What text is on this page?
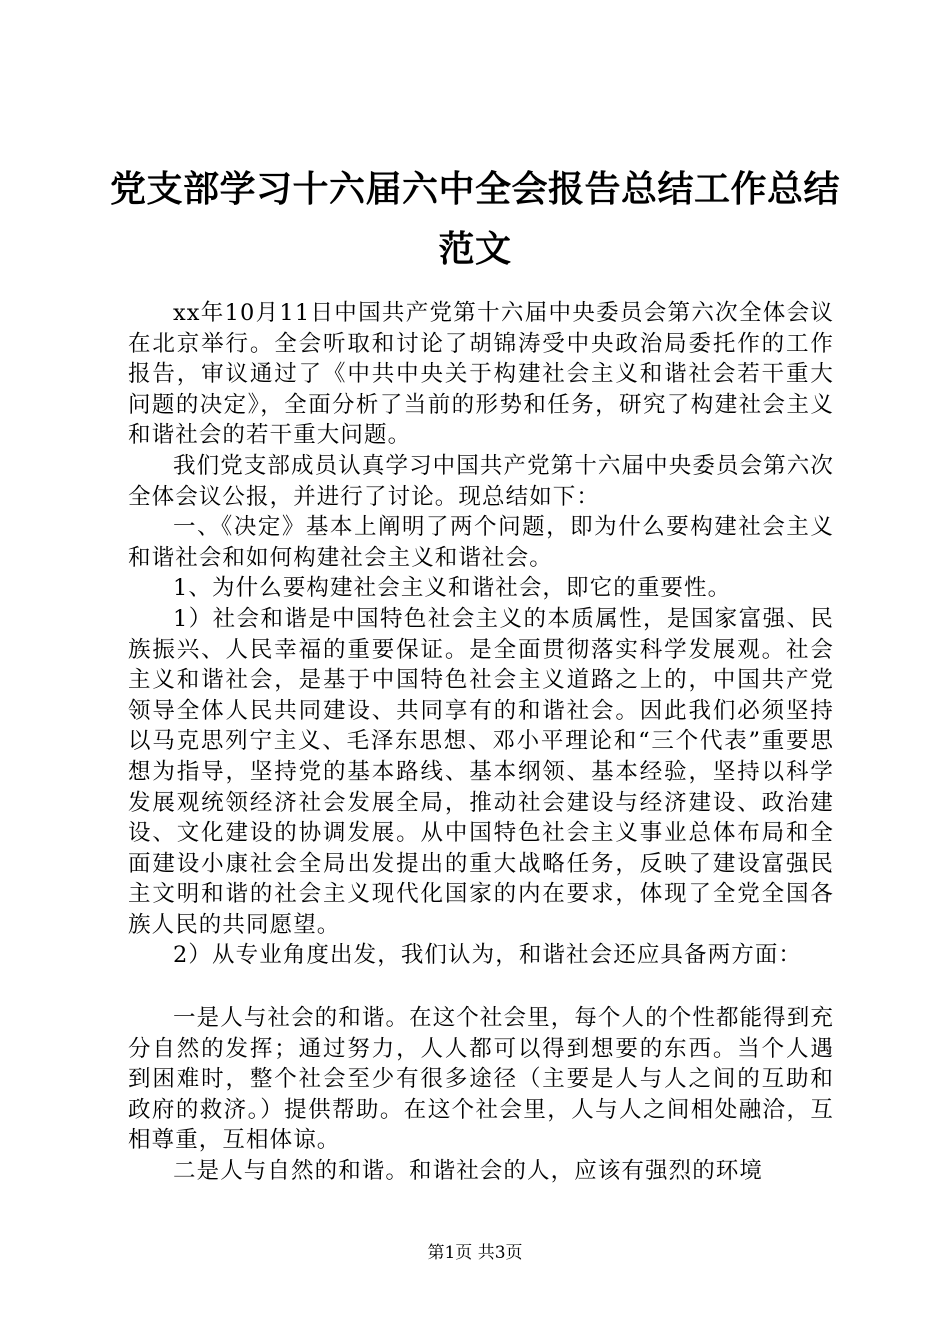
党支部学习十六届六中全会报告总结工作总结范文

xx年10月11日中国共产党第十六届中央委员会第六次全体会议在北京举行。全会听取和讨论了胡锦涛受中央政治局委托作的工作报告，审议通过了《中共中央关于构建社会主义和谐社会若干重大问题的决定》，全面分析了当前的形势和任务，研究了构建社会主义和谐社会的若干重大问题。

我们党支部成员认真学习中国共产党第十六届中央委员会第六次全体会议公报，并进行了讨论。现总结如下：

一、《决定》基本上阐明了两个问题，即为什么要构建社会主义和谐社会和如何构建社会主义和谐社会。

1、为什么要构建社会主义和谐社会，即它的重要性。

1）社会和谐是中国特色社会主义的本质属性，是国家富强、民族振兴、人民幸福的重要保证。是全面贯彻落实科学发展观。社会主义和谐社会，是基于中国特色社会主义道路之上的，中国共产党领导全体人民共同建设、共同享有的和谐社会。因此我们必须坚持以马克思列宁主义、毛泽东思想、邓小平理论和“三个代表”重要思想为指导，坚持党的基本路线、基本纲领、基本经验，坚持以科学发展观统领经济社会发展全局，推动社会建设与经济建设、政治建设、文化建设的协调发展。从中国特色社会主义事业总体布局和全面建设小康社会全局出发提出的重大战略任务，反映了建设富强民主文明和谐的社会主义现代化国家的内在要求，体现了全党全国各族人民的共同愿望。

2）从专业角度出发，我们认为，和谐社会还应具备两方面：

一是人与社会的和谐。在这个社会里，每个人的个性都能得到充分自然的发挥；通过努力，人人都可以得到想要的东西。当个人遇到困难时，整个社会至少有很多途径（主要是人与人之间的互助和政府的救济。）提供帮助。在这个社会里，人与人之间相处融洽，互相尊重，互相体谅。

二是人与自然的和谐。和谐社会的人，应该有强烈的环境

第1页 共3页
